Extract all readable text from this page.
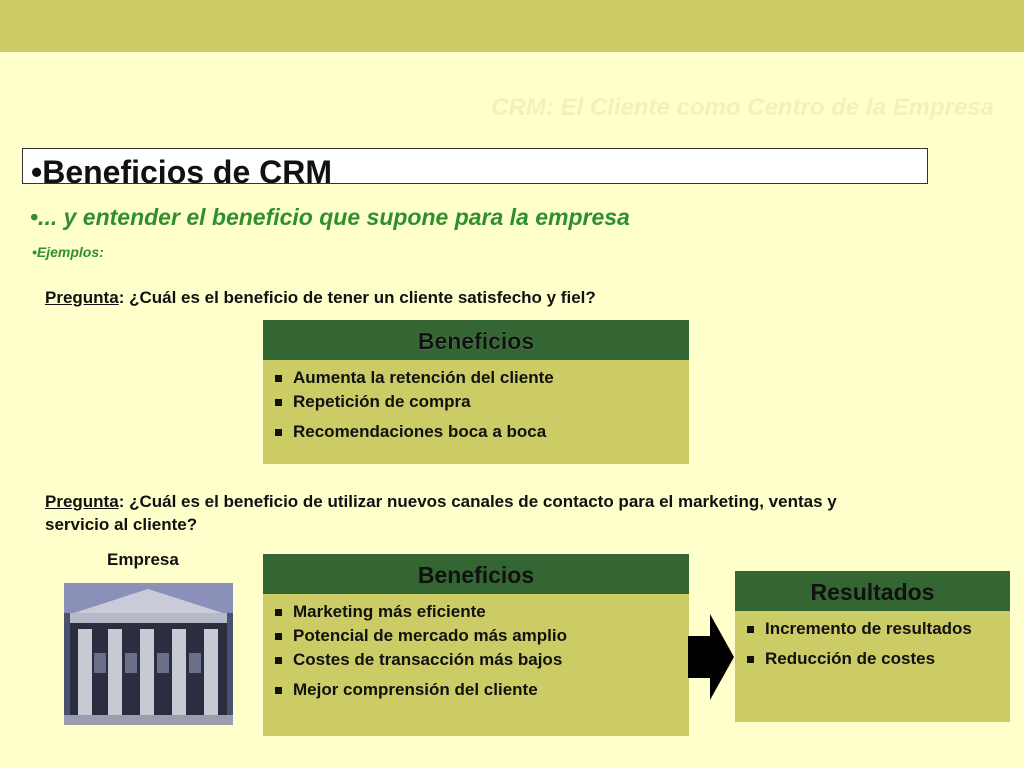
CRM: El Cliente como Centro de la Empresa
•Beneficios de CRM
•... y entender el beneficio que supone para la empresa
•Ejemplos:
Pregunta: ¿Cuál es el beneficio de tener un cliente satisfecho y fiel?
Beneficios
Aumenta la retención del cliente
Repetición de compra
Recomendaciones boca a boca
Pregunta: ¿Cuál es el beneficio de utilizar nuevos canales de contacto para el marketing, ventas y servicio al cliente?
Empresa
Beneficios
Marketing más eficiente
Potencial de mercado más amplio
Costes de transacción más bajos
Mejor comprensión del cliente
Resultados
Incremento de resultados
Reducción de costes
